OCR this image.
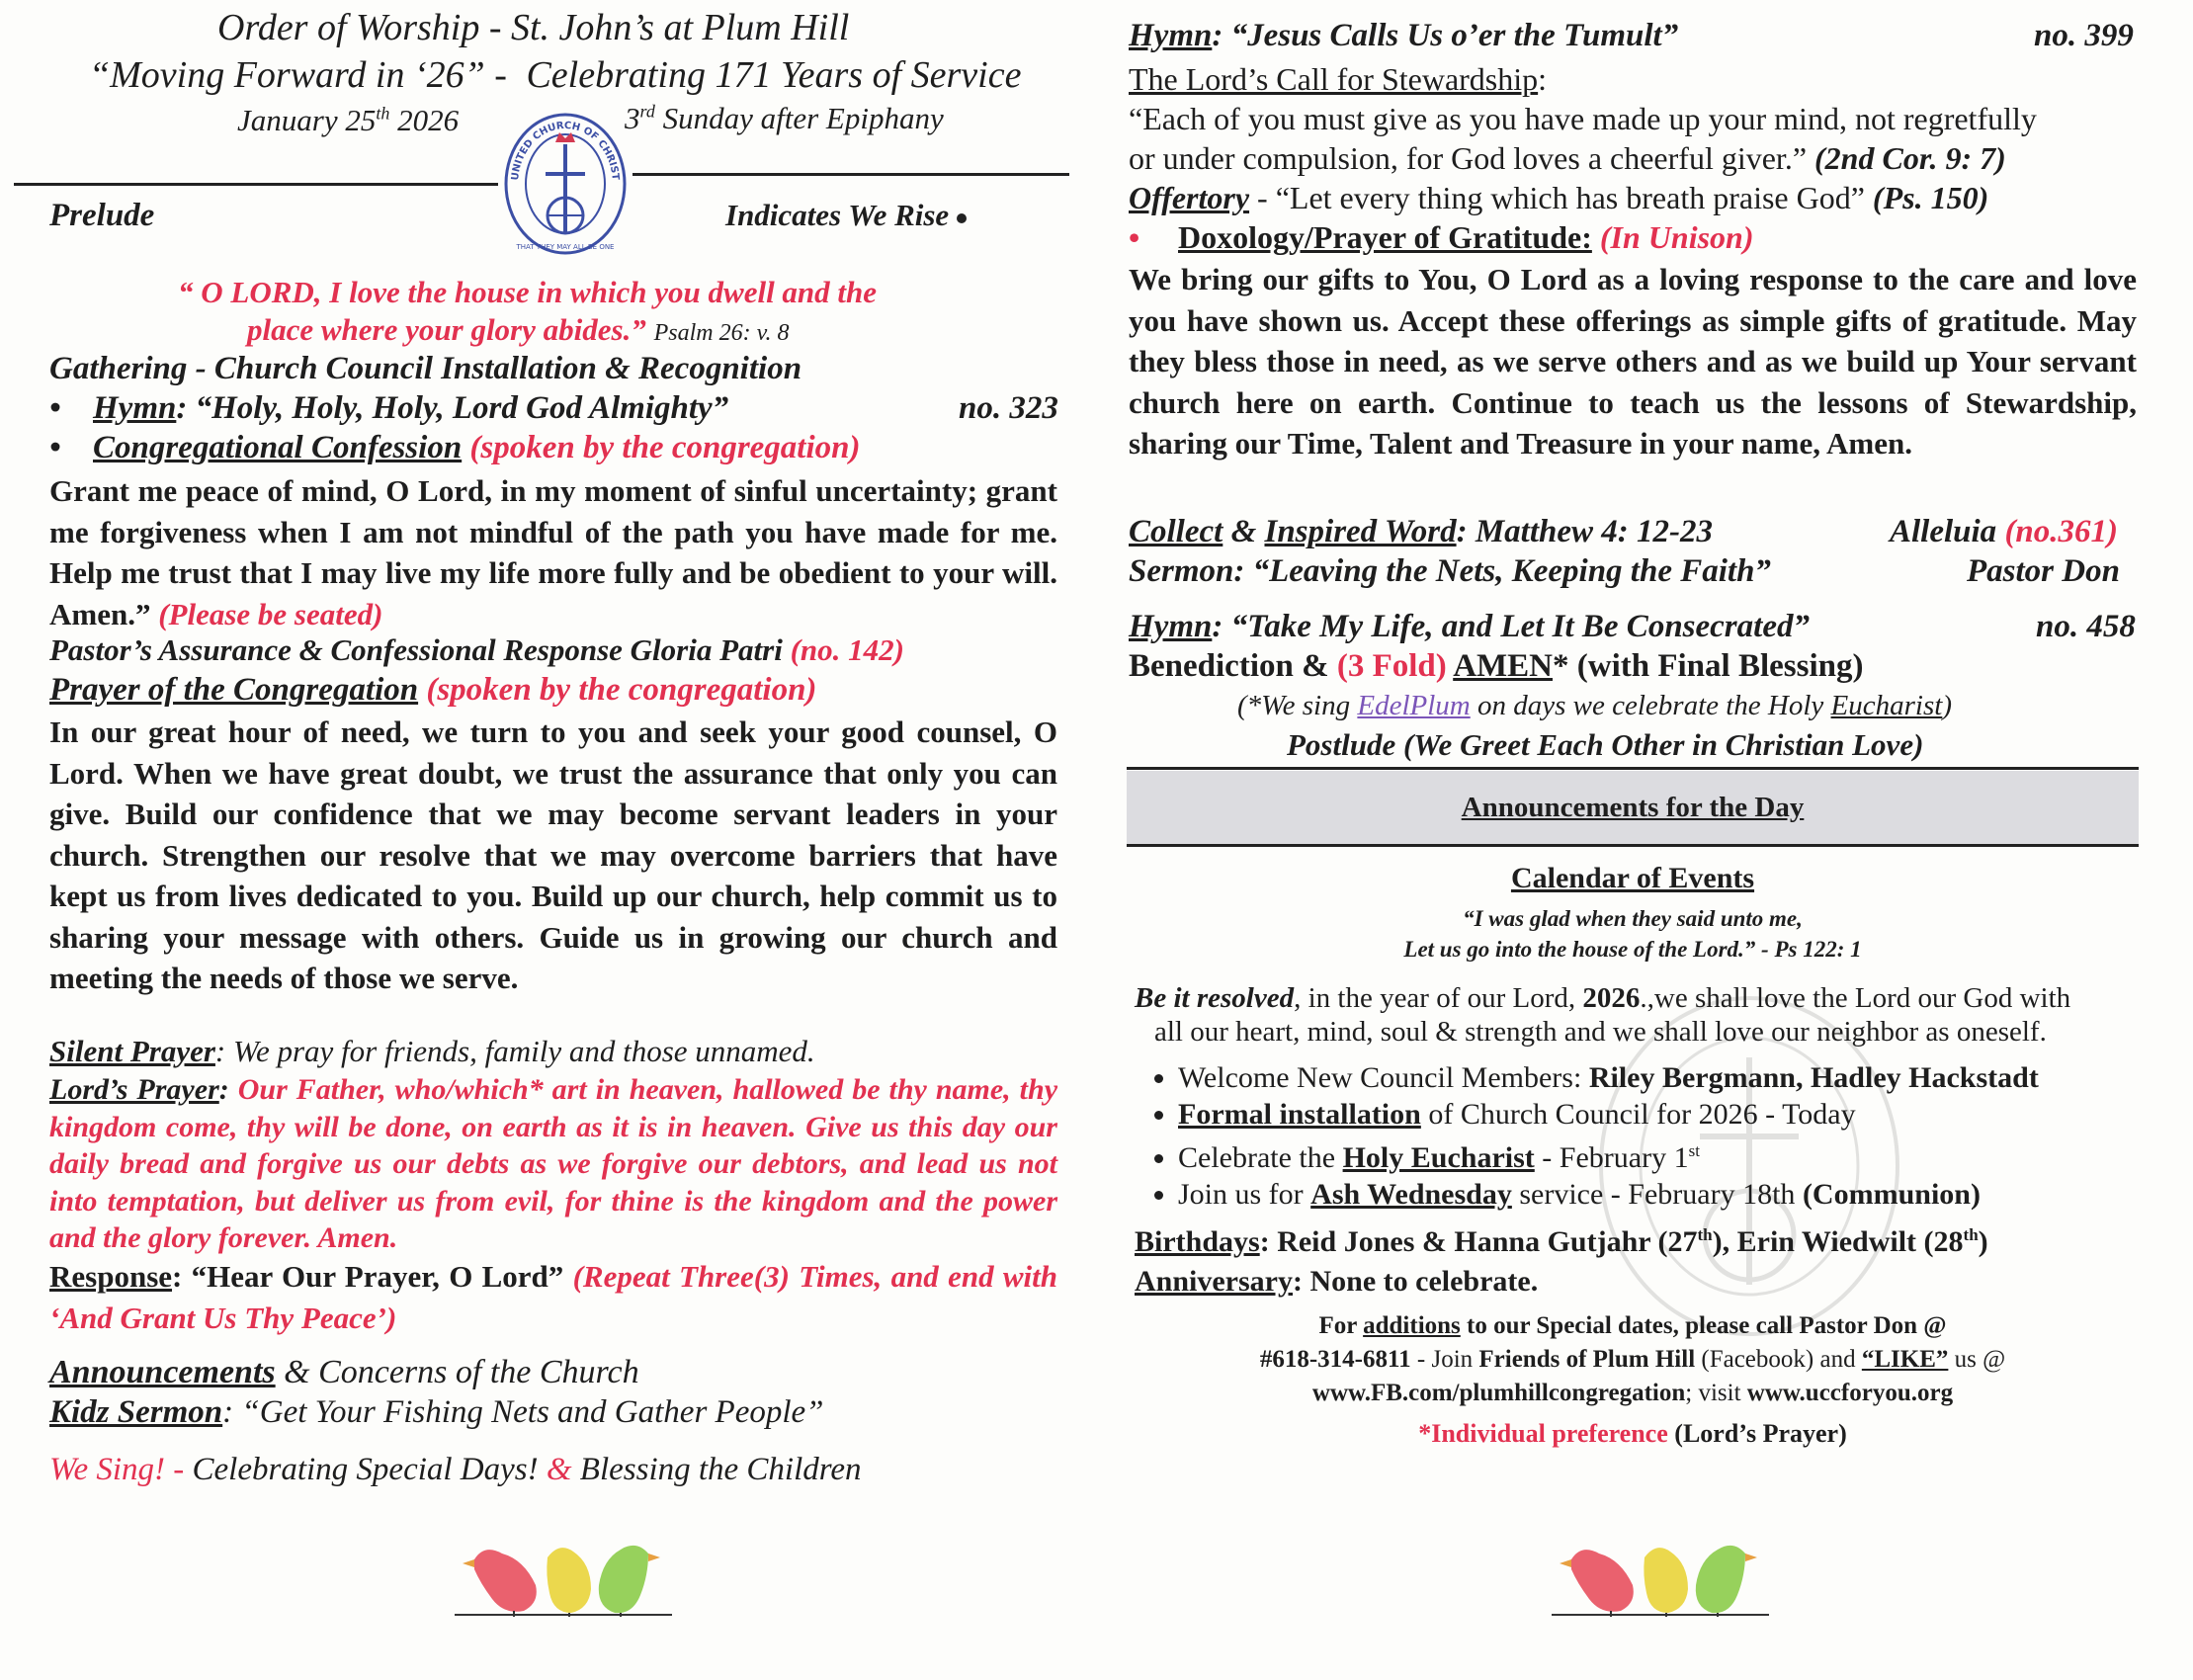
Order of Worship - St. John’s at Plum Hill
“Moving Forward in ‘26” - Celebrating 171 Years of Service
January 25th 2026	3rd Sunday after Epiphany
UNITED CHURCH OF CHRIST
THAT THEY MAY ALL BE ONE
Prelude	Indicates We Rise
“ O LORD, I love the house in which you dwell and the
place where your glory abides.” Psalm 26: v. 8
Gathering - Church Council Installation & Recognition
• Hymn: “Holy, Holy, Holy, Lord God Almighty”	no. 323
• Congregational Confession (spoken by the congregation)
Grant me peace of mind, O Lord, in my moment of sinful uncertainty; grant me forgiveness when I am not mindful of the path you have made for me. Help me trust that I may live my life more fully and be obedient to your will. Amen.” (Please be seated)
Pastor’s Assurance & Confessional Response Gloria Patri (no. 142)
Prayer of the Congregation (spoken by the congregation)
In our great hour of need, we turn to you and seek your good counsel, O Lord. When we have great doubt, we trust the assurance that only you can give. Build our confidence that we may become servant leaders in your church. Strengthen our resolve that we may overcome barriers that have kept us from lives dedicated to you. Build up our church, help commit us to sharing your message with others. Guide us in growing our church and meeting the needs of those we serve.
Silent Prayer: We pray for friends, family and those unnamed.
Lord’s Prayer: Our Father, who/which* art in heaven, hallowed be thy name, thy kingdom come, thy will be done, on earth as it is in heaven. Give us this day our daily bread and forgive us our debts as we forgive our debtors, and lead us not into temptation, but deliver us from evil, for thine is the kingdom and the power and the glory forever. Amen.
Response: “Hear Our Prayer, O Lord” (Repeat Three(3) Times, and end with ‘And Grant Us Thy Peace’)
Announcements & Concerns of the Church
Kidz Sermon: “Get Your Fishing Nets and Gather People”
We Sing! - Celebrating Special Days! & Blessing the Children
Hymn: “Jesus Calls Us o’er the Tumult”	no. 399
The Lord’s Call for Stewardship:
“Each of you must give as you have made up your mind, not regretfully
or under compulsion, for God loves a cheerful giver.” (2nd Cor. 9: 7)
Offertory - “Let every thing which has breath praise God” (Ps. 150)
• Doxology/Prayer of Gratitude: (In Unison)
We bring our gifts to You, O Lord as a loving response to the care and love you have shown us. Accept these offerings as simple gifts of gratitude. May they bless those in need, as we serve others and as we build up Your servant church here on earth. Continue to teach us the lessons of Stewardship, sharing our Time, Talent and Treasure in your name, Amen.
Collect & Inspired Word: Matthew 4: 12-23	Alleluia (no.361)
Sermon: “Leaving the Nets, Keeping the Faith”	Pastor Don
Hymn: “Take My Life, and Let It Be Consecrated”	no. 458
Benediction & (3 Fold) AMEN* (with Final Blessing)
(*We sing EdelPlum on days we celebrate the Holy Eucharist)
Postlude (We Greet Each Other in Christian Love)
Announcements for the Day
Calendar of Events
“I was glad when they said unto me,
Let us go into the house of the Lord.” - Ps 122: 1
Be it resolved, in the year of our Lord, 2026.,we shall love the Lord our God with
all our heart, mind, soul & strength and we shall love our neighbor as oneself.
• Welcome New Council Members: Riley Bergmann, Hadley Hackstadt
• Formal installation of Church Council for 2026 - Today
• Celebrate the Holy Eucharist - February 1st
• Join us for Ash Wednesday service - February 18th (Communion)
Birthdays: Reid Jones & Hanna Gutjahr (27th), Erin Wiedwilt (28th)
Anniversary: None to celebrate.
For additions to our Special dates, please call Pastor Don @
#618-314-6811 - Join Friends of Plum Hill (Facebook) and “LIKE” us @
www.FB.com/plumhillcongregation; visit www.uccforyou.org
*Individual preference (Lord’s Prayer)
